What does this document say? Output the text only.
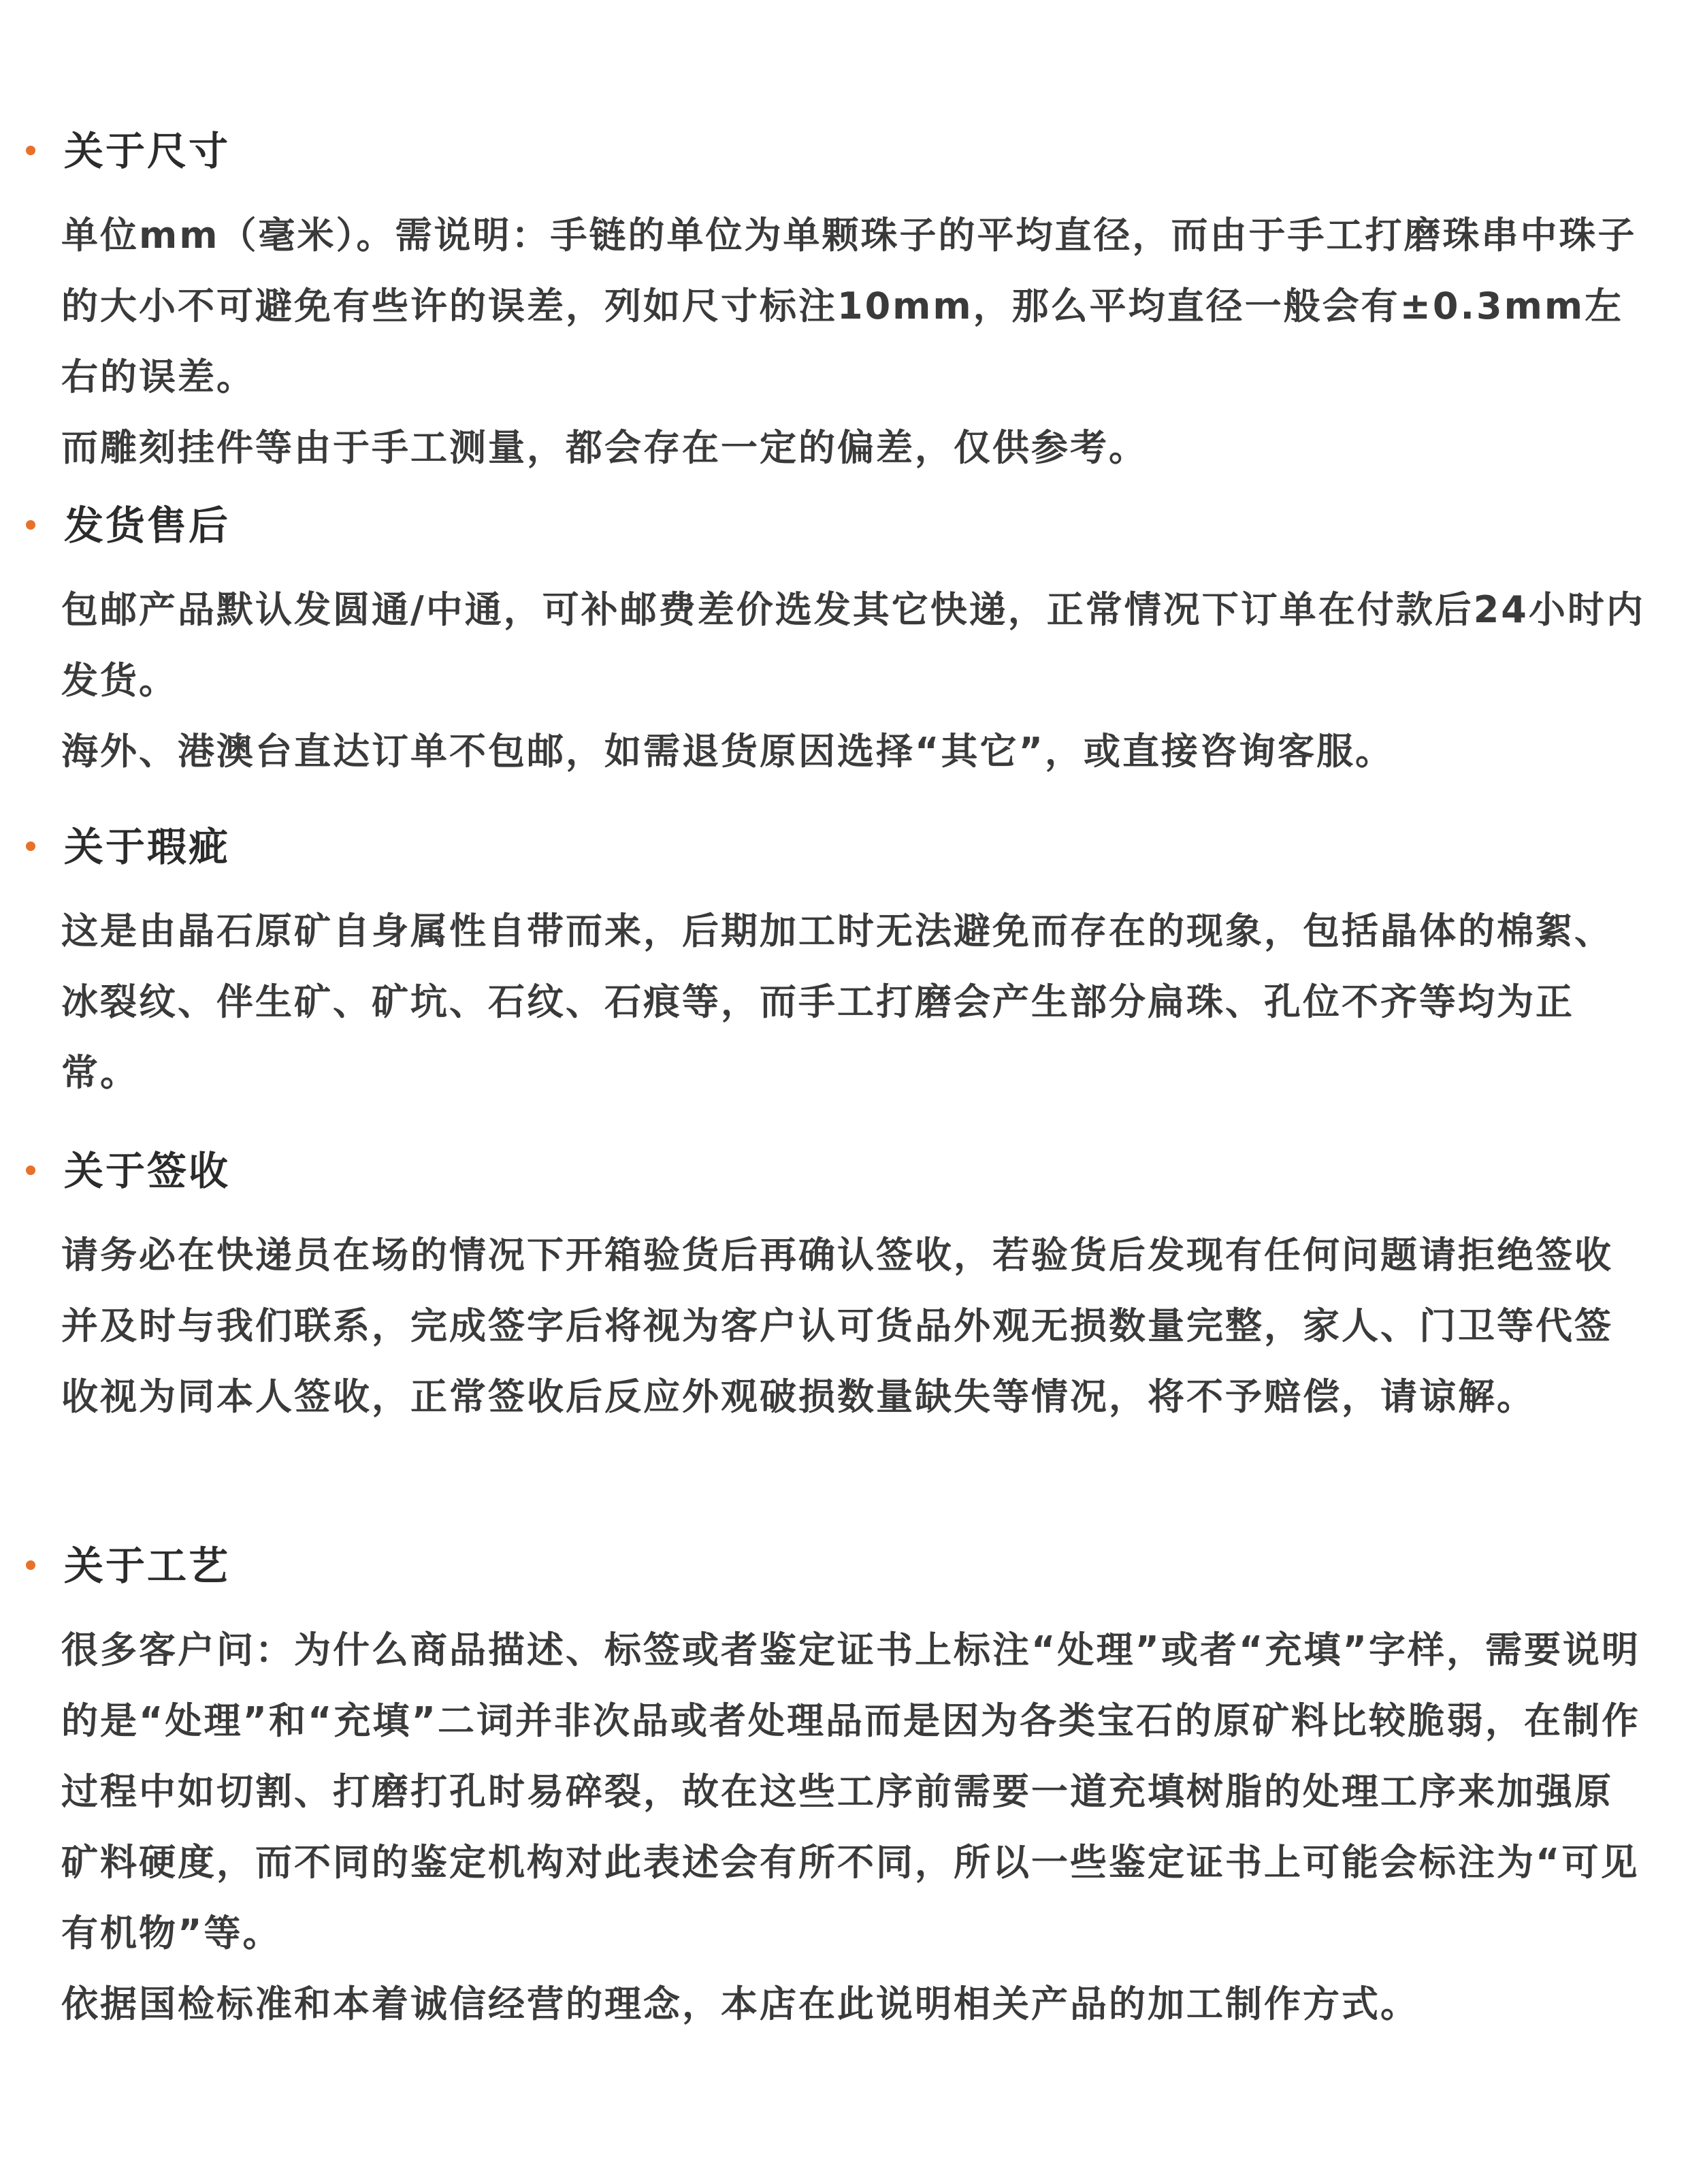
关于尺寸

单位mm（毫米）。需说明：手链的单位为单颗珠子的平均直径，而由于手工打磨珠串中珠子的大小不可避免有些许的误差，列如尺寸标注10mm，那么平均直径一般会有±0.3mm左右的误差。

而雕刻挂件等由于手工测量，都会存在一定的偏差，仅供参考。

发货售后

包邮产品默认发圆通/中通，可补邮费差价选发其它快递，正常情况下订单在付款后24小时内发货。

海外、港澳台直达订单不包邮，如需退货原因选择“其它”，或直接咨询客服。

关于瑕疵

这是由晶石原矿自身属性自带而来，后期加工时无法避免而存在的现象，包括晶体的棉絮、冰裂纹、伴生矿、矿坑、石纹、石痕等，而手工打磨会产生部分扁珠、孔位不齐等均为正常。

关于签收

请务必在快递员在场的情况下开箱验货后再确认签收，若验货后发现有任何问题请拒绝签收并及时与我们联系，完成签字后将视为客户认可货品外观无损数量完整，家人、门卫等代签收视为同本人签收，正常签收后反应外观破损数量缺失等情况，将不予赔偿，请谅解。

关于工艺

很多客户问：为什么商品描述、标签或者鉴定证书上标注“处理”或者“充填”字样，需要说明的是“处理”和“充填”二词并非次品或者处理品而是因为各类宝石的原矿料比较脆弱，在制作过程中如切割、打磨打孔时易碎裂，故在这些工序前需要一道充填树脂的处理工序来加强原矿料硬度，而不同的鉴定机构对此表述会有所不同，所以一些鉴定证书上可能会标注为“可见有机物”等。

依据国检标准和本着诚信经营的理念，本店在此说明相关产品的加工制作方式。
